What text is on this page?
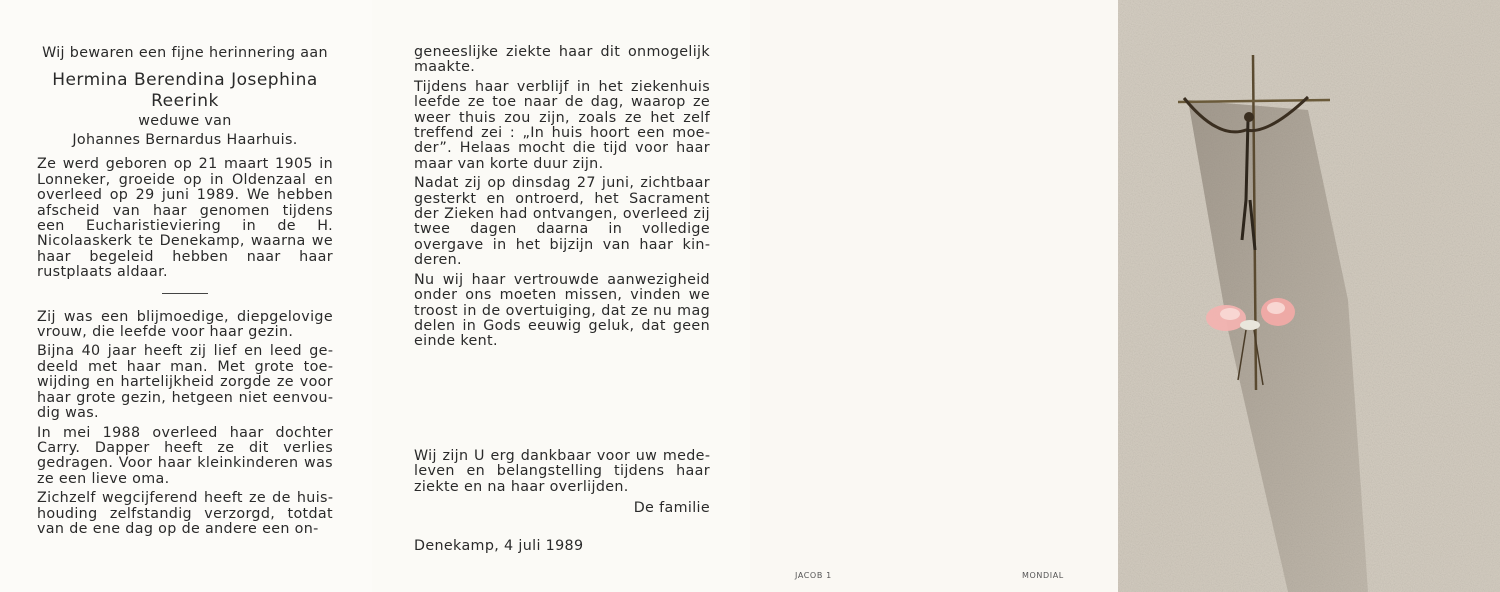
Wij bewaren een fijne herinnering aan

Hermina Berendina Josephina

Reerink

weduwe van

Johannes Bernardus Haarhuis.

Ze werd geboren op 21 maart 1905 in Lonneker, groeide op in Oldenzaal en overleed op 29 juni 1989. We hebben afscheid van haar genomen tijdens een Eucharistieviering in de H. Nicolaaskerk te Denekamp, waarna we haar begeleid hebben naar haar rustplaats aldaar.

Zij was een blijmoedige, diepgelovige vrouw, die leefde voor haar gezin.

Bijna 40 jaar heeft zij lief en leed gedeeld met haar man. Met grote toewijding en hartelijkheid zorgde ze voor haar grote gezin, hetgeen niet eenvoudig was.

In mei 1988 overleed haar dochter Carry. Dapper heeft ze dit verlies gedragen. Voor haar kleinkinderen was ze een lieve oma.

Zichzelf wegcijferend heeft ze de huishouding zelfstandig verzorgd, totdat van de ene dag op de andere een on-

geneeslijke ziekte haar dit onmogelijk maakte.

Tijdens haar verblijf in het ziekenhuis leefde ze toe naar de dag, waarop ze weer thuis zou zijn, zoals ze het zelf treffend zei : „In huis hoort een moeder”. Helaas mocht die tijd voor haar maar van korte duur zijn.

Nadat zij op dinsdag 27 juni, zichtbaar gesterkt en ontroerd, het Sacrament der Zieken had ontvangen, overleed zij twee dagen daarna in volledige overgave in het bijzijn van haar kinderen.

Nu wij haar vertrouwde aanwezigheid onder ons moeten missen, vinden we troost in de overtuiging, dat ze nu mag delen in Gods eeuwig geluk, dat geen einde kent.

Wij zijn U erg dankbaar voor uw medeleven en belangstelling tijdens haar ziekte en na haar overlijden.

De familie

Denekamp, 4 juli 1989

JACOB 1	MONDIAL
